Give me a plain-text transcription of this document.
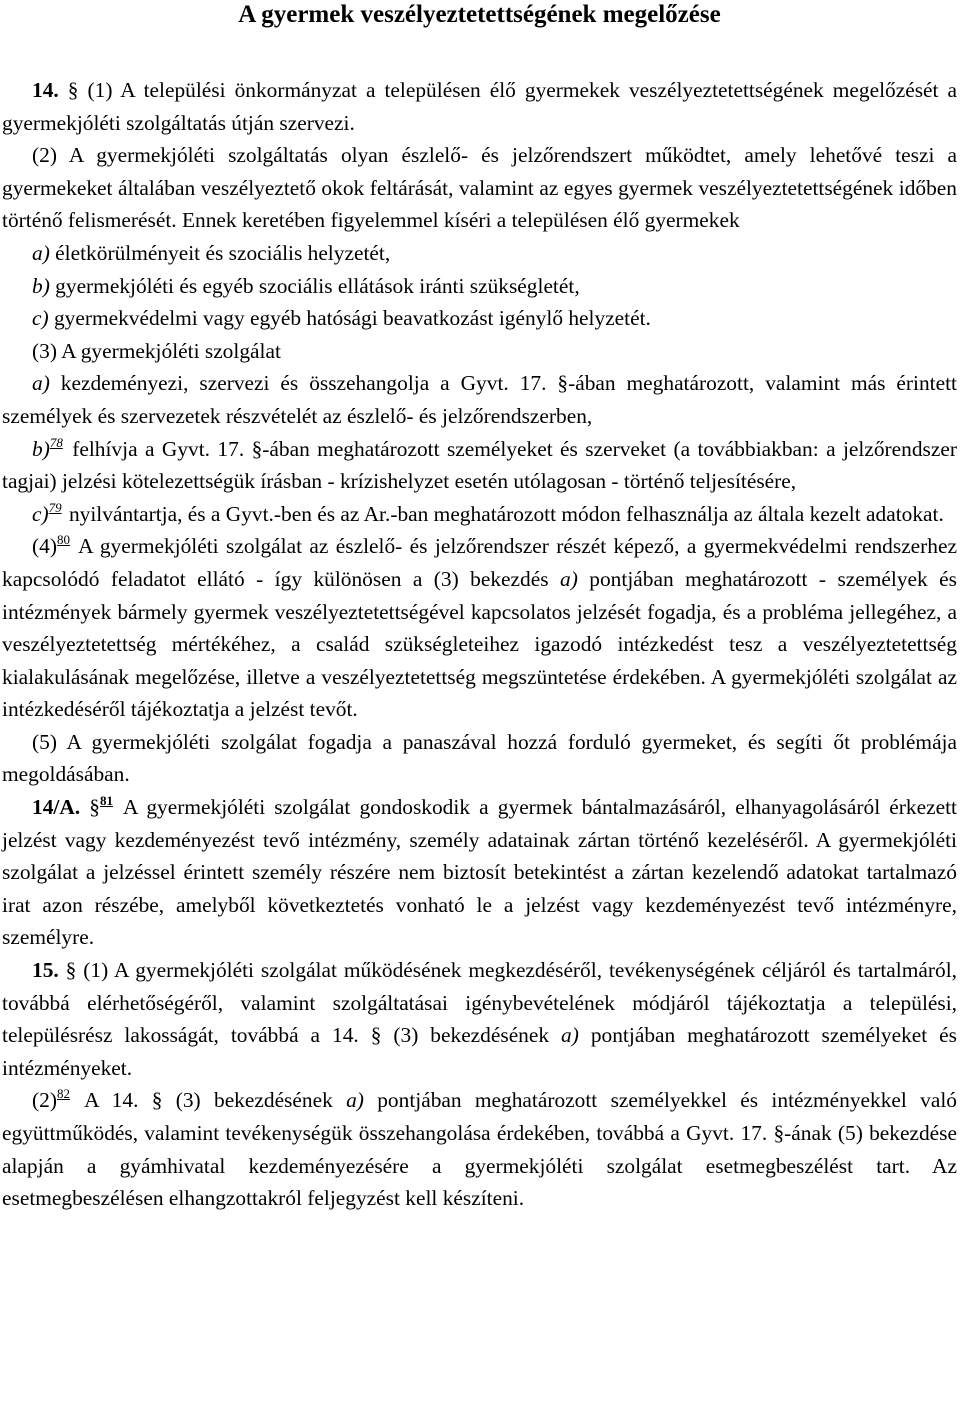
A gyermek veszélyeztetettségének megelőzése

14. § (1) A települési önkormányzat a településen élő gyermekek veszélyeztetettségének megelőzését a gyermekjóléti szolgáltatás útján szervezi.

(2) A gyermekjóléti szolgáltatás olyan észlelő- és jelzőrendszert működtet, amely lehetővé teszi a gyermekeket általában veszélyeztető okok feltárását, valamint az egyes gyermek veszélyeztetettségének időben történő felismerését. Ennek keretében figyelemmel kíséri a településen élő gyermekek

a) életkörülményeit és szociális helyzetét,

b) gyermekjóléti és egyéb szociális ellátások iránti szükségletét,

c) gyermekvédelmi vagy egyéb hatósági beavatkozást igénylő helyzetét.

(3) A gyermekjóléti szolgálat

a) kezdeményezi, szervezi és összehangolja a Gyvt. 17. §-ában meghatározott, valamint más érintett személyek és szervezetek részvételét az észlelő- és jelzőrendszerben,

b)$^{78}$ felhívja a Gyvt. 17. §-ában meghatározott személyeket és szerveket (a továbbiakban: a jelzőrendszer tagjai) jelzési kötelezettségük írásban - krízishelyzet esetén utólagosan - történő teljesítésére,

c)$^{79}$ nyilvántartja, és a Gyvt.-ben és az Ar.-ban meghatározott módon felhasználja az általa kezelt adatokat.

(4)$^{80}$ A gyermekjóléti szolgálat az észlelő- és jelzőrendszer részét képező, a gyermekvédelmi rendszerhez kapcsolódó feladatot ellátó - így különösen a (3) bekezdés a) pontjában meghatározott - személyek és intézmények bármely gyermek veszélyeztetettségével kapcsolatos jelzését fogadja, és a probléma jellegéhez, a veszélyeztetettség mértékéhez, a család szükségleteihez igazodó intézkedést tesz a veszélyeztetettség kialakulásának megelőzése, illetve a veszélyeztetettség megszüntetése érdekében. A gyermekjóléti szolgálat az intézkedéséről tájékoztatja a jelzést tevőt.

(5) A gyermekjóléti szolgálat fogadja a panaszával hozzá forduló gyermeket, és segíti őt problémája megoldásában.

14/A. §$^{81}$ A gyermekjóléti szolgálat gondoskodik a gyermek bántalmazásáról, elhanyagolásáról érkezett jelzést vagy kezdeményezést tevő intézmény, személy adatainak zártan történő kezeléséről. A gyermekjóléti szolgálat a jelzéssel érintett személy részére nem biztosít betekintést a zártan kezelendő adatokat tartalmazó irat azon részébe, amelyből következtetés vonható le a jelzést vagy kezdeményezést tevő intézményre, személyre.

15. § (1) A gyermekjóléti szolgálat működésének megkezdéséről, tevékenységének céljáról és tartalmáról, továbbá elérhetőségéről, valamint szolgáltatásai igénybevételének módjáról tájékoztatja a települési, településrész lakosságát, továbbá a 14. § (3) bekezdésének a) pontjában meghatározott személyeket és intézményeket.

(2)$^{82}$ A 14. § (3) bekezdésének a) pontjában meghatározott személyekkel és intézményekkel való együttműködés, valamint tevékenységük összehangolása érdekében, továbbá a Gyvt. 17. §-ának (5) bekezdése alapján a gyámhivatal kezdeményezésére a gyermekjóléti szolgálat esetmegbeszélést tart. Az esetmegbeszélésen elhangzottakról feljegyzést kell készíteni.
